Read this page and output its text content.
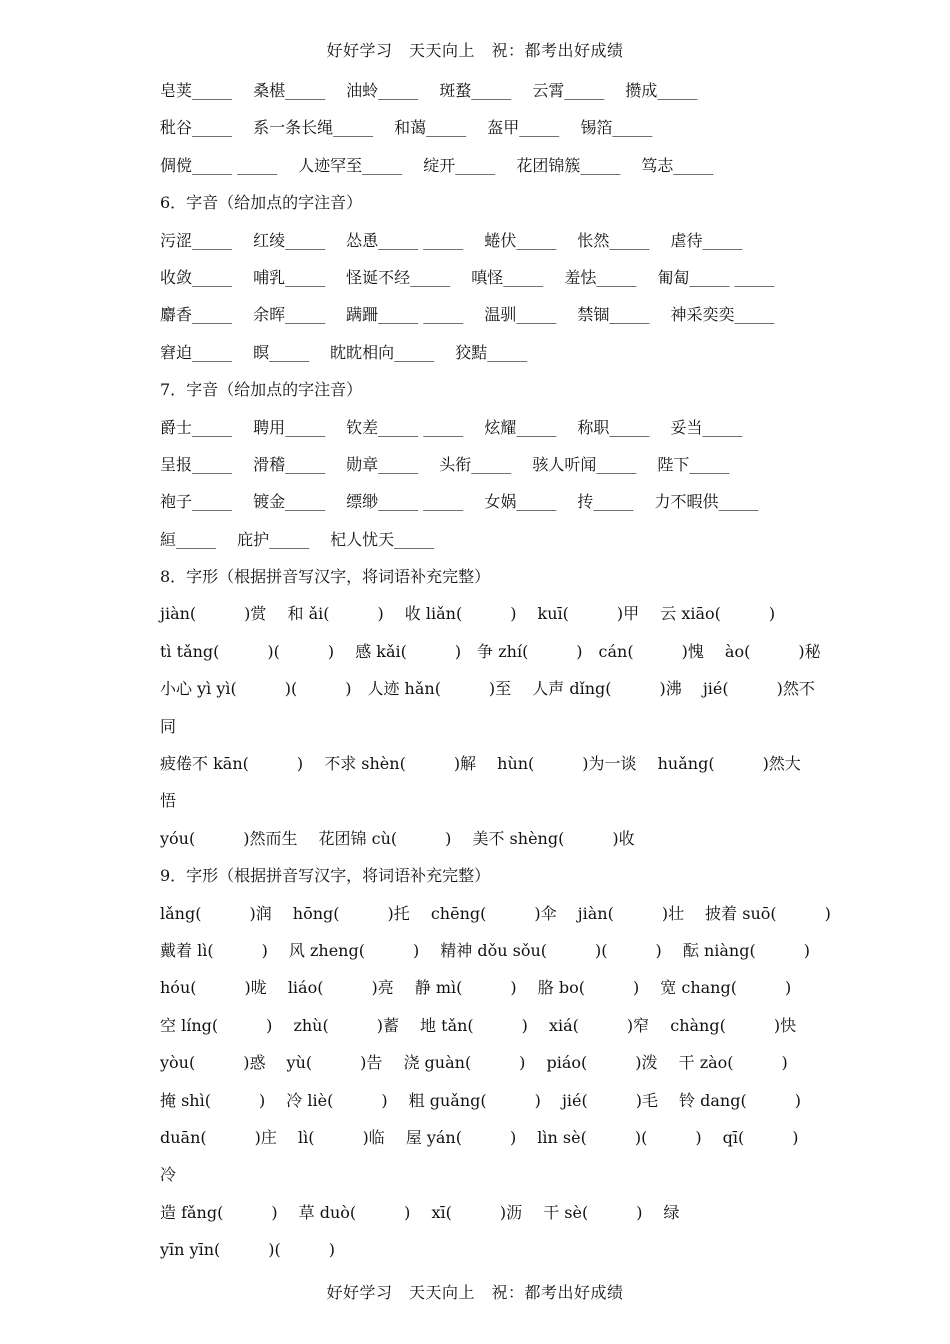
好好学习　天天向上　祝：都考出好成绩
皂荚_____　 桑椹_____　 油蛉_____　 斑蝥_____　 云霄_____　 攒成_____
秕谷_____　 系一条长绳_____　 和蔼_____　 盔甲_____　 锡箔_____
倜傥_____ _____　 人迹罕至_____　 绽开_____　 花团锦簇_____　 笃志_____
6．字音（给加点的字注音）
污涩_____　 红绫_____　 怂恿_____ _____　 蜷伏_____　 怅然_____　 虐待_____
收敛_____　 哺乳_____　 怪诞不经_____　 嗔怪_____　 羞怯_____　 匍匐_____ _____
麝香_____　 余晖_____　 蹒跚_____ _____　 温驯_____　 禁锢_____　 神采奕奕_____
窘迫_____　 瞑_____　 眈眈相向_____　 狡黠_____
7．字音（给加点的字注音）
爵士_____　 聘用_____　 钦差_____ _____　 炫耀_____　 称职_____　 妥当_____
呈报_____　 滑稽_____　 勋章_____　 头衔_____　 骇人听闻_____　 陛下_____
袍子_____　 镀金_____　 缥缈_____ _____　 女娲_____　 抟_____　 力不暇供_____
絙_____　 庇护_____　 杞人忧天_____
8．字形（根据拼音写汉字，将词语补充完整）
jiàn(　　　)赏　 和 ǎi(　　　)　 收 liǎn(　　　)　 kuī(　　　)甲　 云 xiāo(　　　)
tì tǎng(　　　)(　　　)　 感 kǎi(　　　)　争 zhí(　　　)　cán(　　　)愧　 ào(　　　)秘
小心 yì yì(　　　)(　　　)　人迹 hǎn(　　　)至　 人声 dǐng(　　　)沸　 jié(　　　)然不
同
疲倦不 kān(　　　)　 不求 shèn(　　　)解　 hùn(　　　)为一谈　 huǎng(　　　)然大
悟
yóu(　　　)然而生　 花团锦 cù(　　　)　 美不 shèng(　　　)收
9．字形（根据拼音写汉字，将词语补充完整）
lǎng(　　　)润　 hōng(　　　)托　 chēng(　　　)伞　 jiàn(　　　)壮　 披着 suō(　　　)
戴着 lì(　　　)　 风 zheng(　　　)　 精神 dǒu sǒu(　　　)(　　　)　 酝 niàng(　　　)
hóu(　　　)咙　 liáo(　　　)亮　 静 mì(　　　)　 胳 bo(　　　)　 宽 chang(　　　)
空 líng(　　　)　 zhù(　　　)蓄　 地 tǎn(　　　)　 xiá(　　　)窄　 chàng(　　　)快
yòu(　　　)惑　 yù(　　　)告　 浇 guàn(　　　)　 piáo(　　　)泼　 干 zào(　　　)
掩 shì(　　　)　 冷 liè(　　　)　 粗 guǎng(　　　)　 jié(　　　)毛　 铃 dang(　　　)
duān(　　　)庄　 lì(　　　)临　 屋 yán(　　　)　 lìn sè(　　　)(　　　)　 qī(　　　)
冷
造 fǎng(　　　)　 草 duò(　　　)　 xī(　　　)沥　 干 sè(　　　)　 绿
yīn yīn(　　　)(　　　)
好好学习　天天向上　祝：都考出好成绩
